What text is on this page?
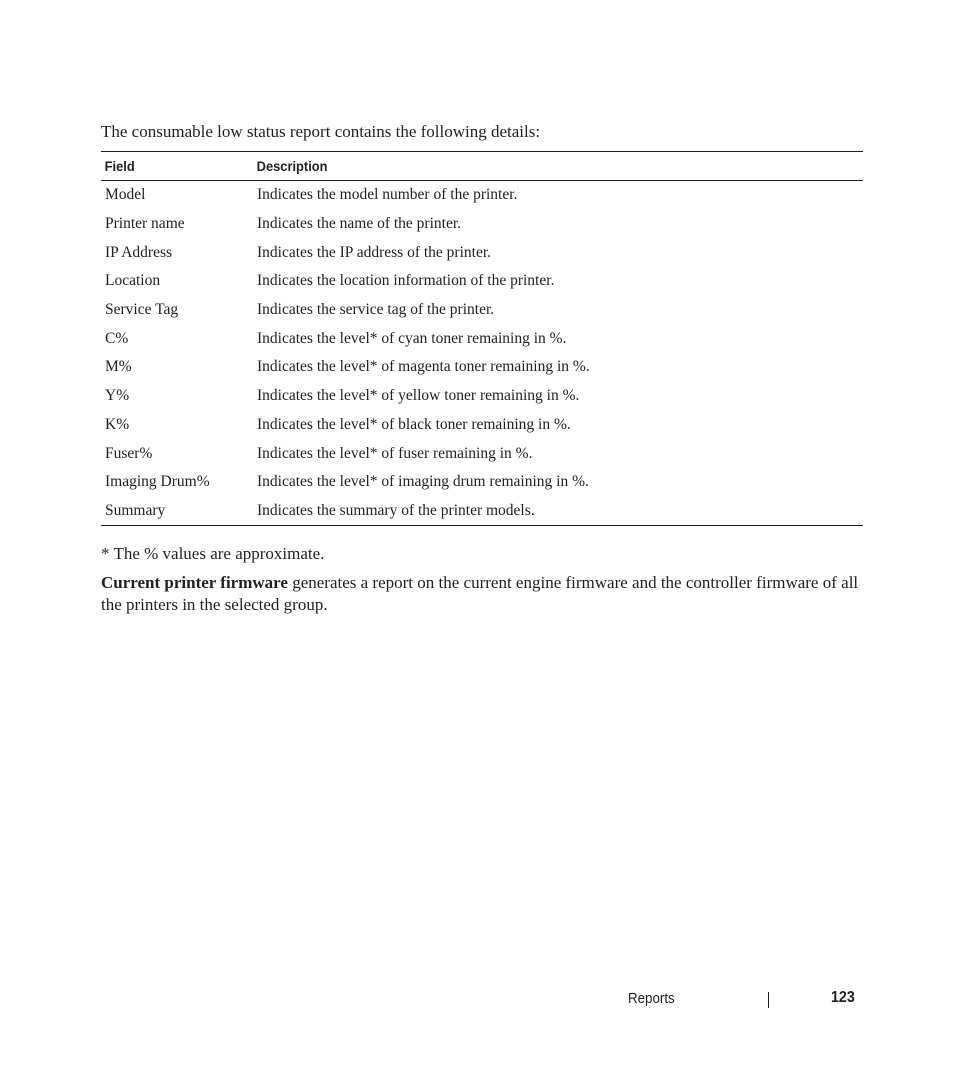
The consumable low status report contains the following details:

Field	Description
Model	Indicates the model number of the printer.
Printer name	Indicates the name of the printer.
IP Address	Indicates the IP address of the printer.
Location	Indicates the location information of the printer.
Service Tag	Indicates the service tag of the printer.
C%	Indicates the level* of cyan toner remaining in %.
M%	Indicates the level* of magenta toner remaining in %.
Y%	Indicates the level* of yellow toner remaining in %.
K%	Indicates the level* of black toner remaining in %.
Fuser%	Indicates the level* of fuser remaining in %.
Imaging Drum%	Indicates the level* of imaging drum remaining in %.
Summary	Indicates the summary of the printer models.

* The % values are approximate.

Current printer firmware generates a report on the current engine firmware and the controller firmware of all the printers in the selected group.

Reports	123
